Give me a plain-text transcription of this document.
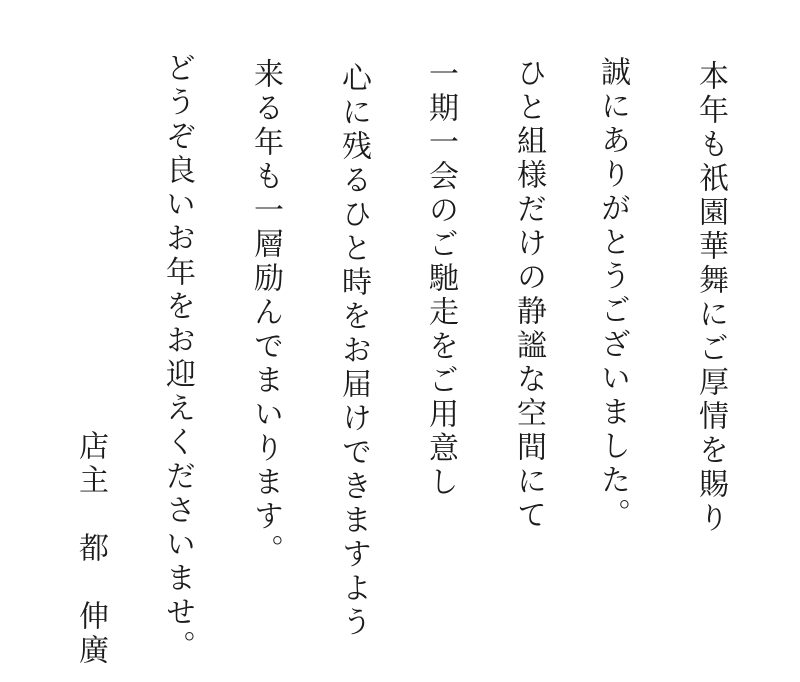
本年も祇園華舞にご厚情を賜り
誠にありがとうございました。
ひと組様だけの静謐な空間にて
一期一会のご馳走をご用意し
心に残るひと時をお届けできますよう
来る年も一層励んでまいります。
どうぞ良いお年をお迎えくださいませ。
店主　都　伸廣
